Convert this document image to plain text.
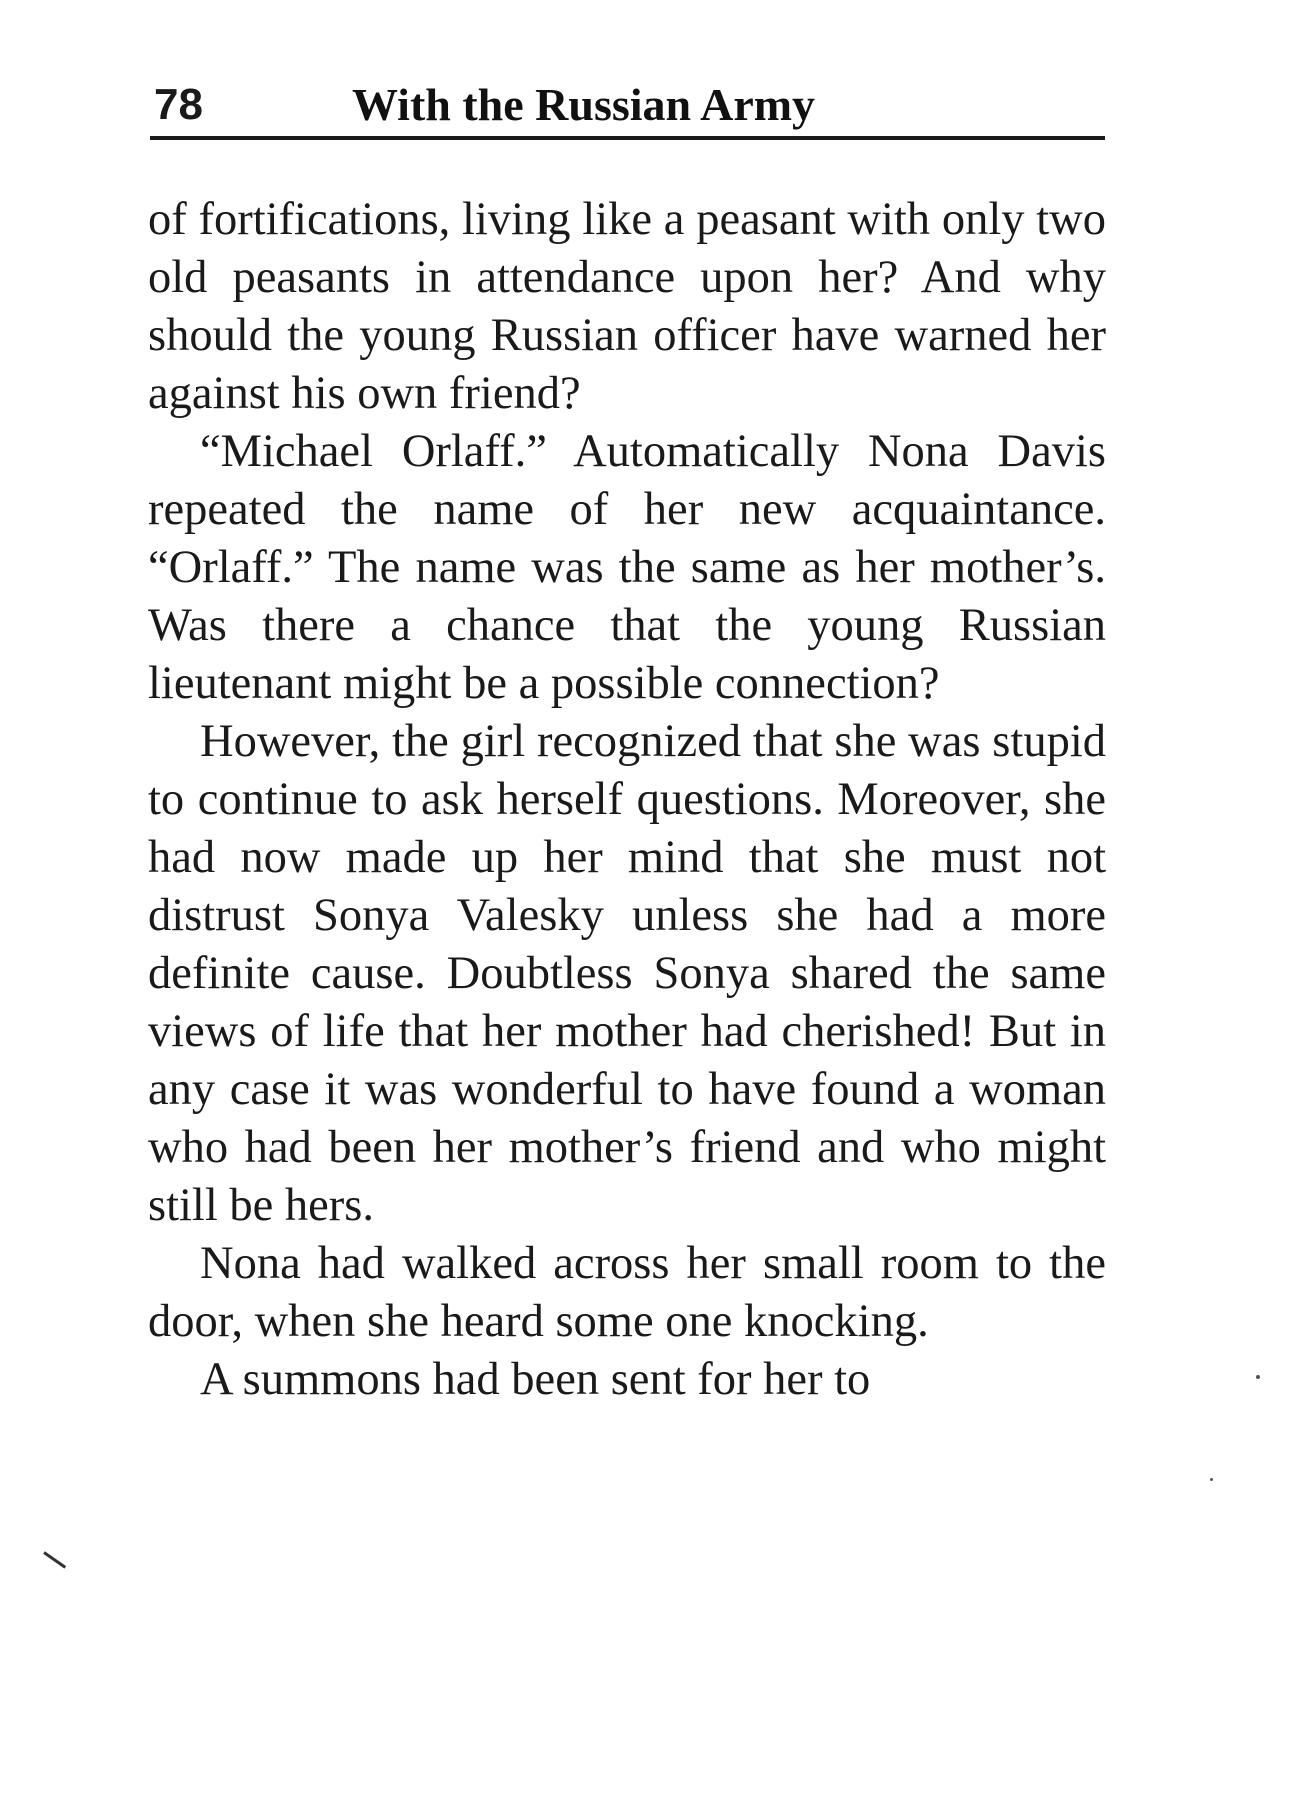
78	With the Russian Army

of fortifications, living like a peasant with only two old peasants in attendance upon her? And why should the young Russian officer have warned her against his own friend?

“Michael Orlaff.” Automatically Nona Davis repeated the name of her new acquaintance. “Orlaff.” The name was the same as her mother’s. Was there a chance that the young Russian lieutenant might be a possible connection?

However, the girl recognized that she was stupid to continue to ask herself questions. Moreover, she had now made up her mind that she must not distrust Sonya Valesky unless she had a more definite cause. Doubtless Sonya shared the same views of life that her mother had cherished! But in any case it was wonderful to have found a woman who had been her mother’s friend and who might still be hers.

Nona had walked across her small room to the door, when she heard some one knocking.

A summons had been sent for her to
